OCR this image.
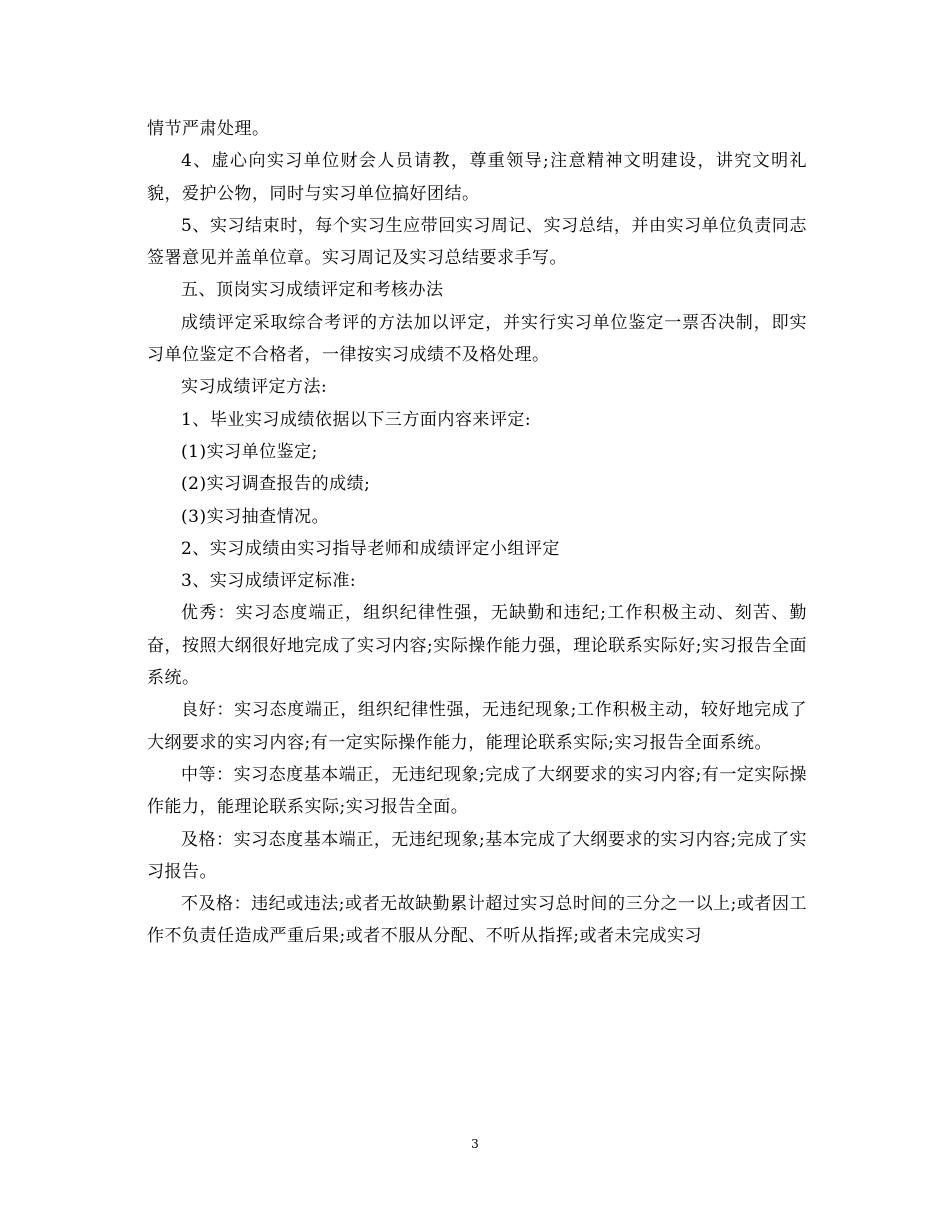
情节严肃处理。

4、虚心向实习单位财会人员请教，尊重领导;注意精神文明建设，讲究文明礼貌，爱护公物，同时与实习单位搞好团结。

5、实习结束时，每个实习生应带回实习周记、实习总结，并由实习单位负责同志签署意见并盖单位章。实习周记及实习总结要求手写。

五、顶岗实习成绩评定和考核办法

成绩评定采取综合考评的方法加以评定，并实行实习单位鉴定一票否决制，即实习单位鉴定不合格者，一律按实习成绩不及格处理。

实习成绩评定方法:

1、毕业实习成绩依据以下三方面内容来评定:

(1)实习单位鉴定;

(2)实习调查报告的成绩;

(3)实习抽查情况。

2、实习成绩由实习指导老师和成绩评定小组评定

3、实习成绩评定标准:

优秀：实习态度端正，组织纪律性强，无缺勤和违纪;工作积极主动、刻苦、勤奋，按照大纲很好地完成了实习内容;实际操作能力强，理论联系实际好;实习报告全面系统。

良好：实习态度端正，组织纪律性强，无违纪现象;工作积极主动，较好地完成了大纲要求的实习内容;有一定实际操作能力，能理论联系实际;实习报告全面系统。

中等：实习态度基本端正，无违纪现象;完成了大纲要求的实习内容;有一定实际操作能力，能理论联系实际;实习报告全面。

及格：实习态度基本端正，无违纪现象;基本完成了大纲要求的实习内容;完成了实习报告。

不及格：违纪或违法;或者无故缺勤累计超过实习总时间的三分之一以上;或者因工作不负责任造成严重后果;或者不服从分配、不听从指挥;或者未完成实习

3
